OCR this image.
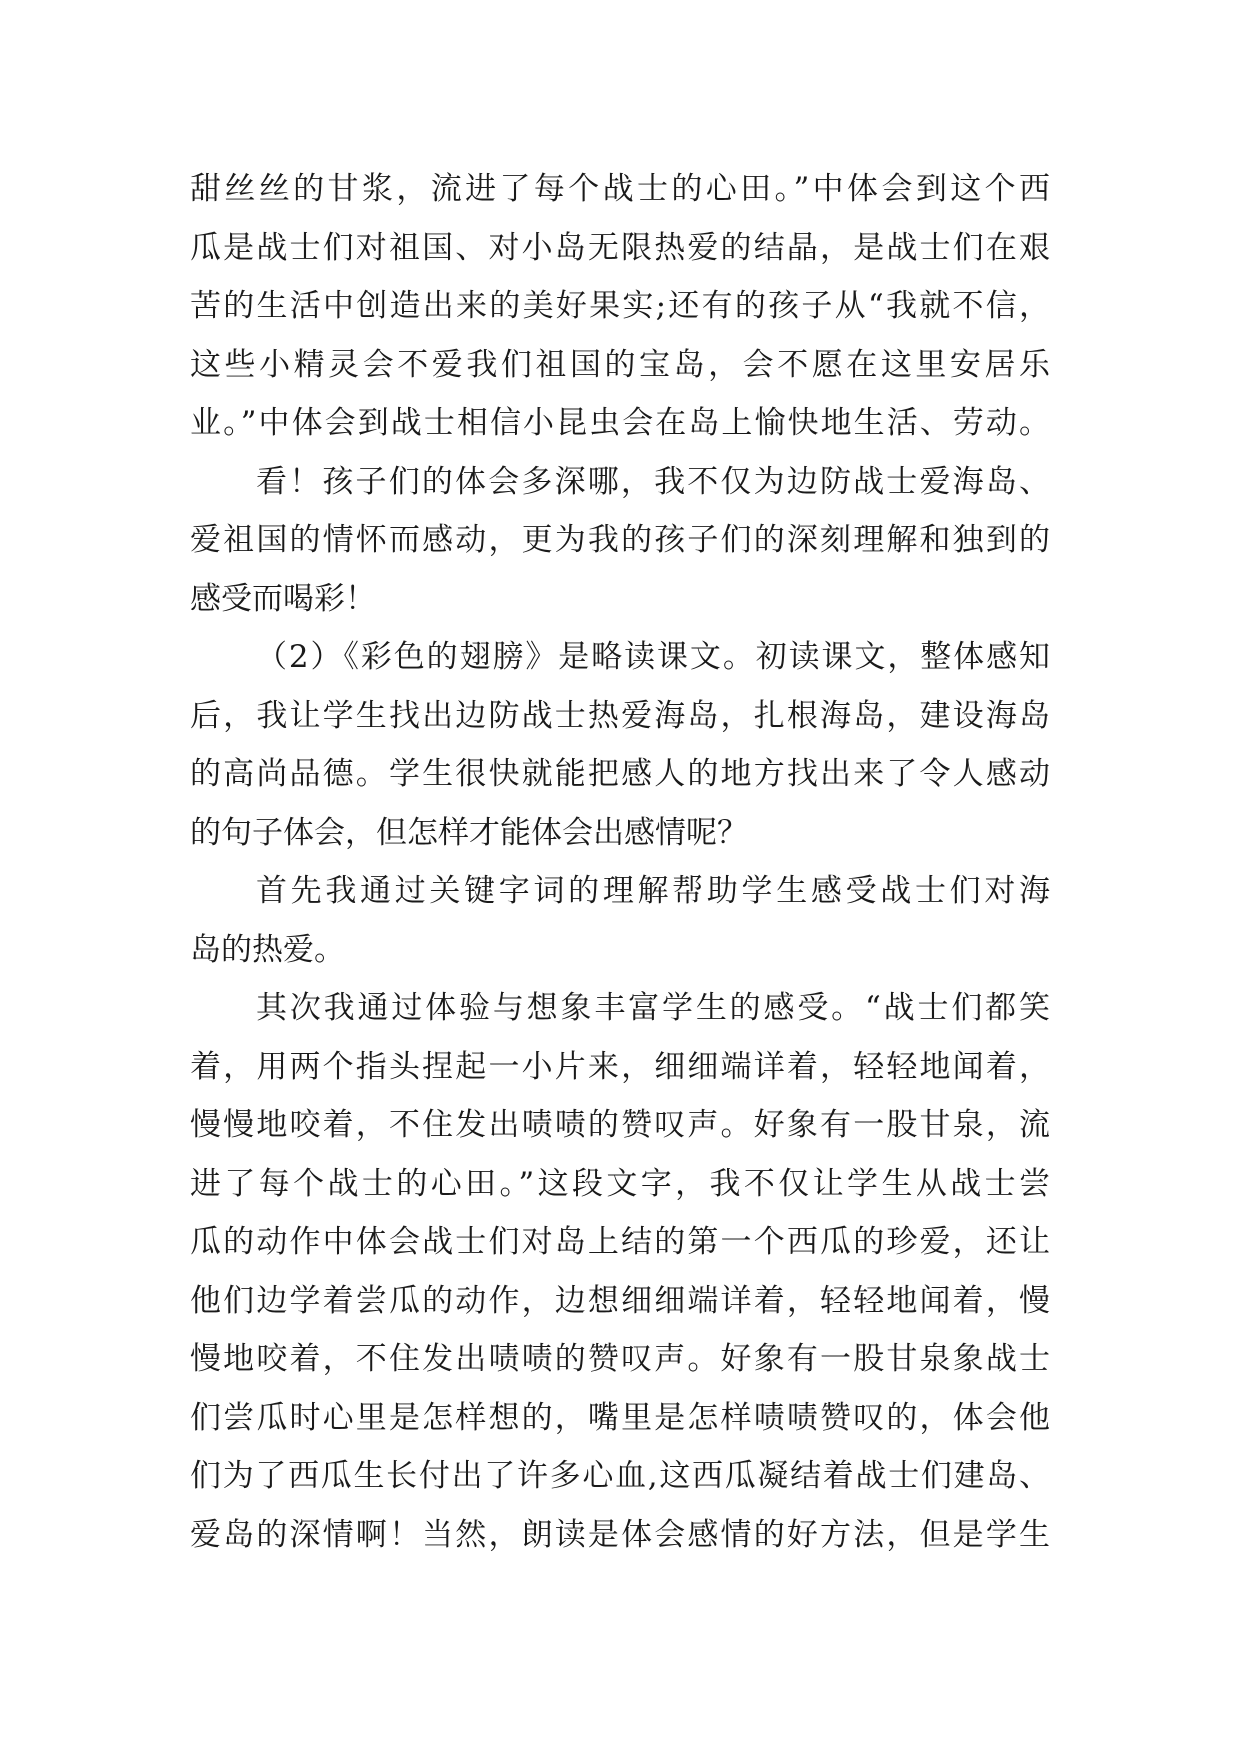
甜丝丝的甘浆，流进了每个战士的心田。”中体会到这个西
瓜是战士们对祖国、对小岛无限热爱的结晶，是战士们在艰
苦的生活中创造出来的美好果实;还有的孩子从“我就不信，
这些小精灵会不爱我们祖国的宝岛，会不愿在这里安居乐
业。”中体会到战士相信小昆虫会在岛上愉快地生活、劳动。
看！孩子们的体会多深哪，我不仅为边防战士爱海岛、
爱祖国的情怀而感动，更为我的孩子们的深刻理解和独到的
感受而喝彩！
（2）《彩色的翅膀》是略读课文。初读课文，整体感知
后，我让学生找出边防战士热爱海岛，扎根海岛，建设海岛
的高尚品德。学生很快就能把感人的地方找出来了令人感动
的句子体会，但怎样才能体会出感情呢？
首先我通过关键字词的理解帮助学生感受战士们对海
岛的热爱。
其次我通过体验与想象丰富学生的感受。“战士们都笑
着，用两个指头捏起一小片来，细细端详着，轻轻地闻着，
慢慢地咬着，不住发出啧啧的赞叹声。好象有一股甘泉，流
进了每个战士的心田。”这段文字，我不仅让学生从战士尝
瓜的动作中体会战士们对岛上结的第一个西瓜的珍爱，还让
他们边学着尝瓜的动作，边想细细端详着，轻轻地闻着，慢
慢地咬着，不住发出啧啧的赞叹声。好象有一股甘泉象战士
们尝瓜时心里是怎样想的，嘴里是怎样啧啧赞叹的，体会他
们为了西瓜生长付出了许多心血,这西瓜凝结着战士们建岛、
爱岛的深情啊！当然，朗读是体会感情的好方法，但是学生
